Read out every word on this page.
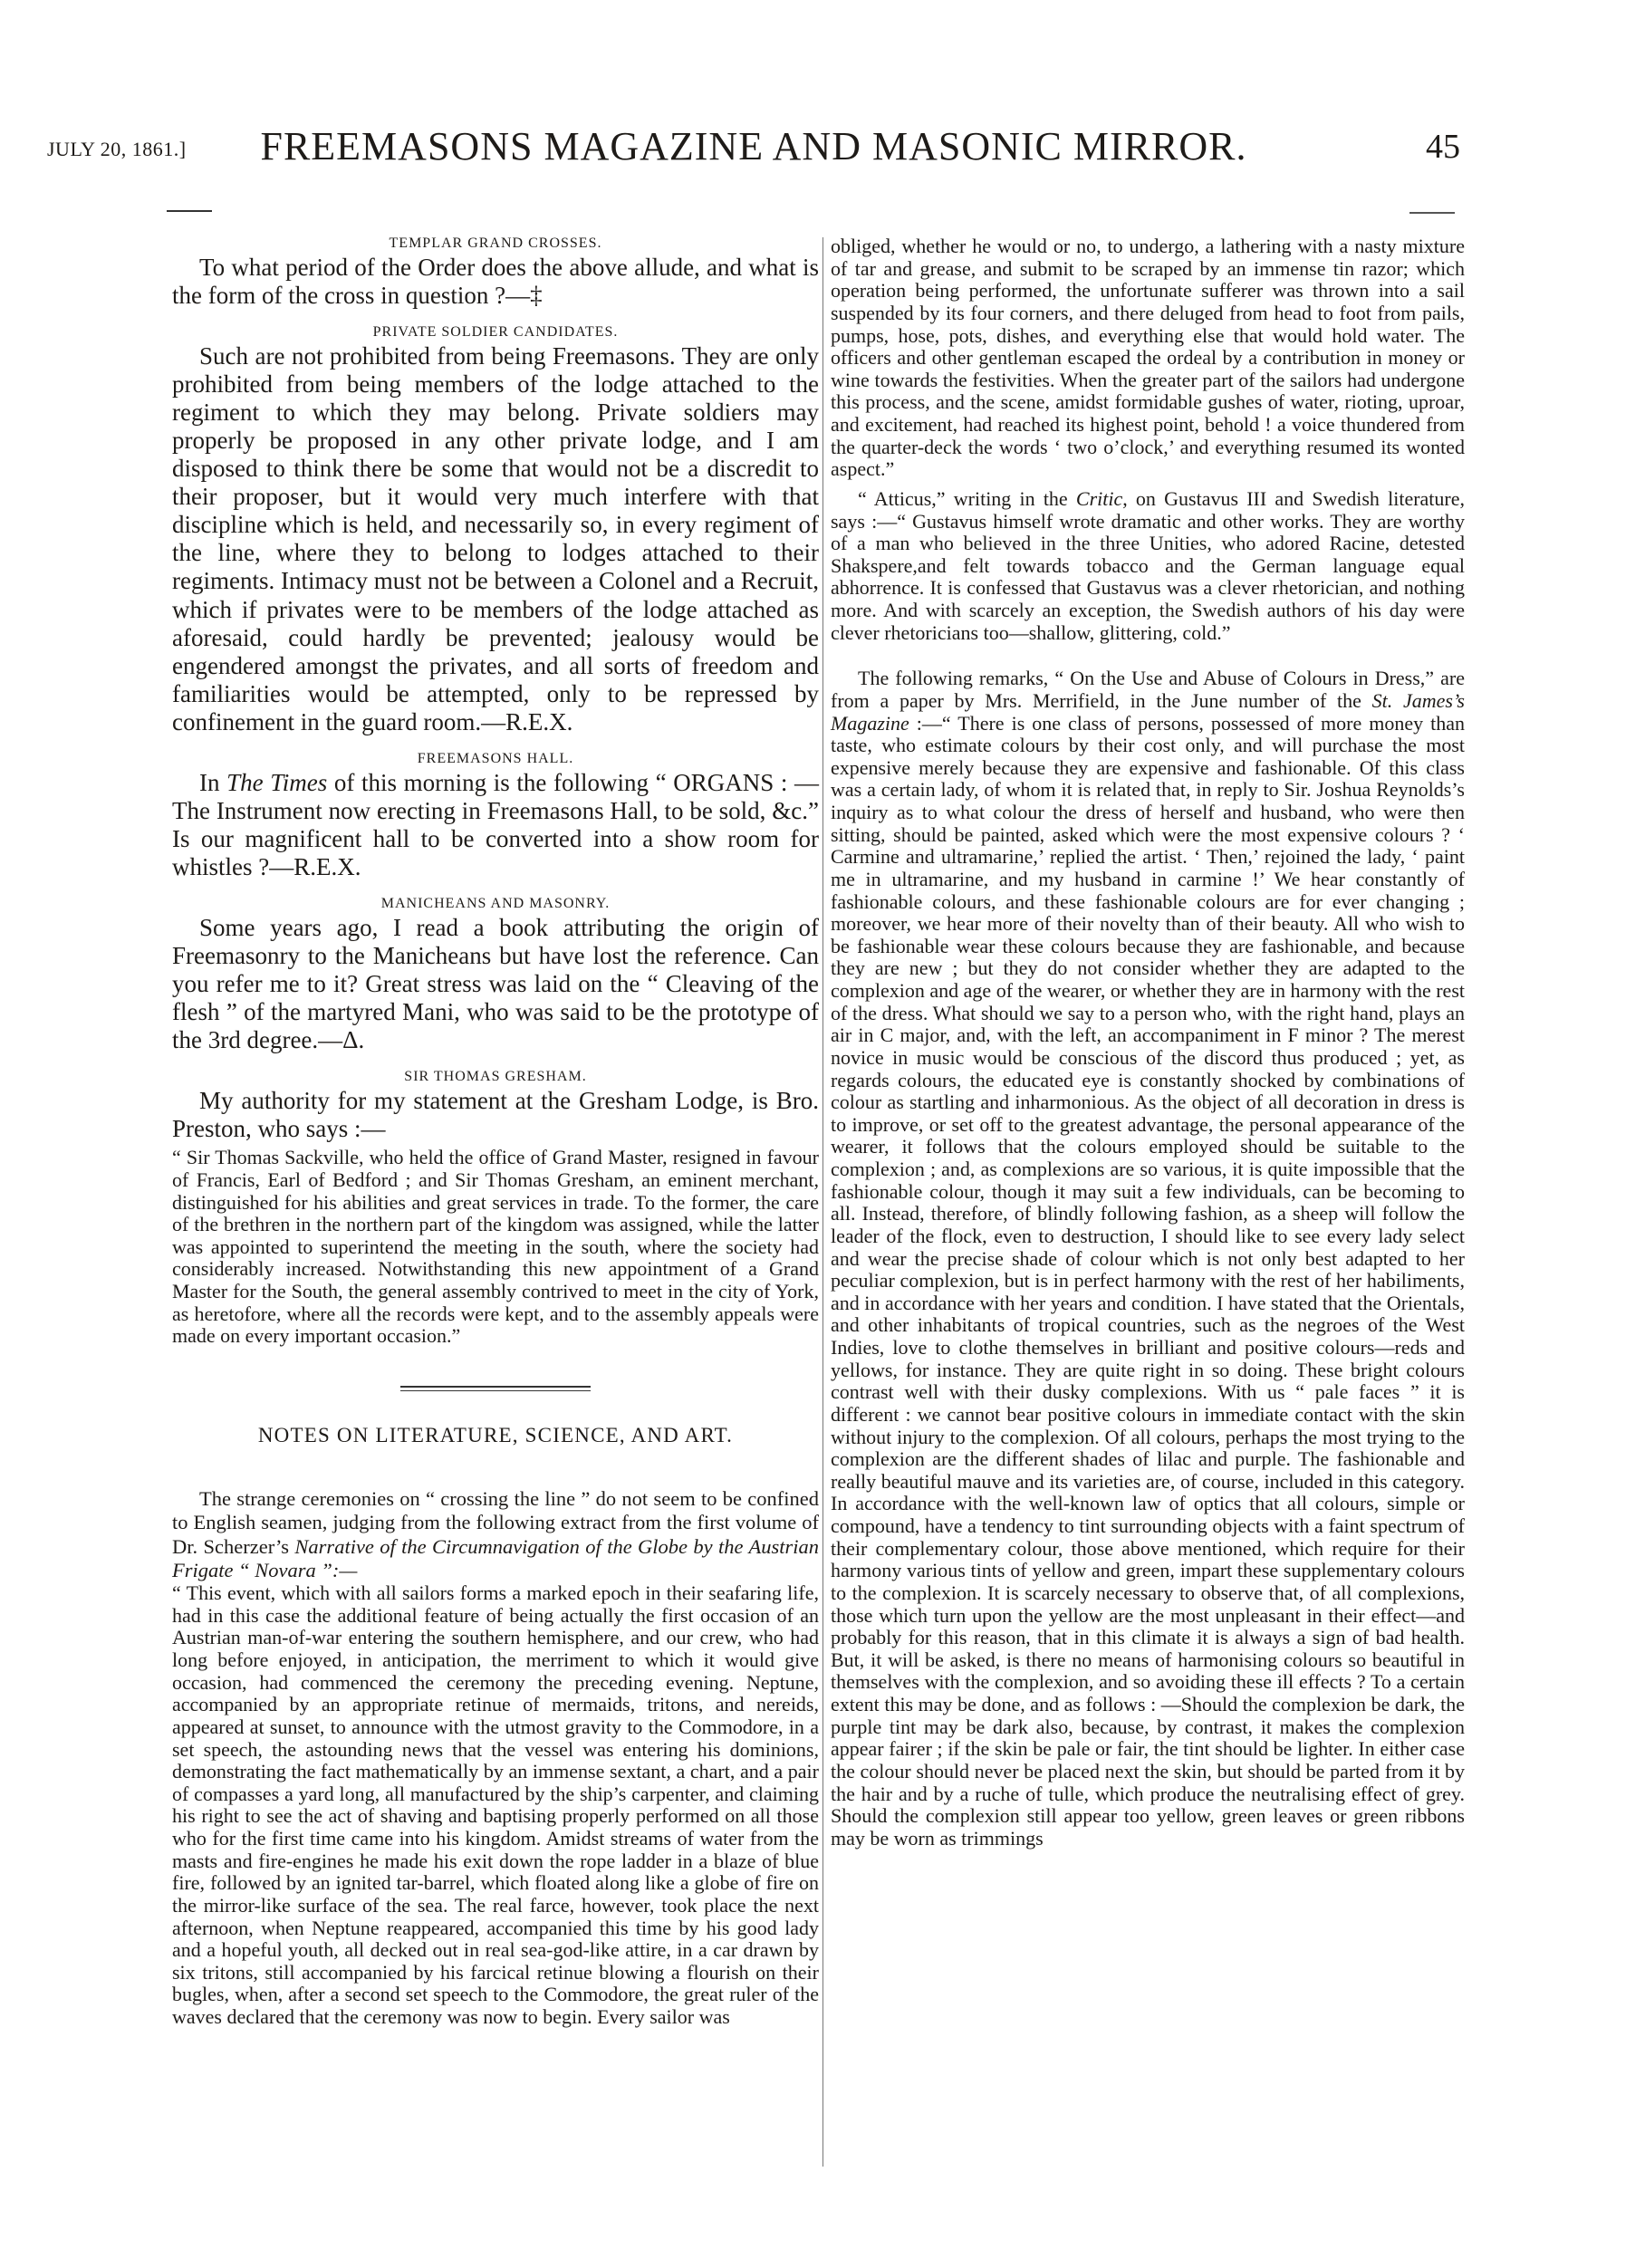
JULY 20, 1861.]	FREEMASONS MAGAZINE AND MASONIC MIRROR.	45
TEMPLAR GRAND CROSSES.

To what period of the Order does the above allude, and what is the form of the cross in question ?—‡

PRIVATE SOLDIER CANDIDATES.

Such are not prohibited from being Freemasons. They are only prohibited from being members of the lodge attached to the regiment to which they may belong. Private soldiers may properly be proposed in any other private lodge, and I am disposed to think there be some that would not be a discredit to their proposer, but it would very much interfere with that discipline which is held, and necessarily so, in every regiment of the line, where they to belong to lodges attached to their regiments. Intimacy must not be between a Colonel and a Recruit, which if privates were to be members of the lodge attached as aforesaid, could hardly be prevented; jealousy would be engendered amongst the privates, and all sorts of freedom and familiarities would be attempted, only to be repressed by confinement in the guard room.—R.E.X.

FREEMASONS HALL.

In The Times of this morning is the following “ ORGANS : —The Instrument now erecting in Freemasons Hall, to be sold, &c.” Is our magnificent hall to be converted into a show room for whistles ?—R.E.X.

MANICHEANS AND MASONRY.

Some years ago, I read a book attributing the origin of Freemasonry to the Manicheans but have lost the reference. Can you refer me to it? Great stress was laid on the “ Cleaving of the flesh ” of the martyred Mani, who was said to be the prototype of the 3rd degree.—Δ.

SIR THOMAS GRESHAM.

My authority for my statement at the Gresham Lodge, is Bro. Preston, who says :—

“ Sir Thomas Sackville, who held the office of Grand Master, resigned in favour of Francis, Earl of Bedford ; and Sir Thomas Gresham, an eminent merchant, distinguished for his abilities and great services in trade. To the former, the care of the brethren in the northern part of the kingdom was assigned, while the latter was appointed to superintend the meeting in the south, where the society had considerably increased. Notwithstanding this new appointment of a Grand Master for the South, the general assembly contrived to meet in the city of York, as heretofore, where all the records were kept, and to the assembly appeals were made on every important occasion.”

NOTES ON LITERATURE, SCIENCE, AND ART.

The strange ceremonies on “ crossing the line ” do not seem to be confined to English seamen, judging from the following extract from the first volume of Dr. Scherzer’s Narrative of the Circumnavigation of the Globe by the Austrian Frigate “ Novara ”:—

“ This event, which with all sailors forms a marked epoch in their seafaring life, had in this case the additional feature of being actually the first occasion of an Austrian man-of-war entering the southern hemisphere, and our crew, who had long before enjoyed, in anticipation, the merriment to which it would give occasion, had commenced the ceremony the preceding evening. Neptune, accompanied by an appropriate retinue of mermaids, tritons, and nereids, appeared at sunset, to announce with the utmost gravity to the Commodore, in a set speech, the astounding news that the vessel was entering his dominions, demonstrating the fact mathematically by an immense sextant, a chart, and a pair of compasses a yard long, all manufactured by the ship’s carpenter, and claiming his right to see the act of shaving and baptising properly performed on all those who for the first time came into his kingdom. Amidst streams of water from the masts and fire-engines he made his exit down the rope ladder in a blaze of blue fire, followed by an ignited tar-barrel, which floated along like a globe of fire on the mirror-like surface of the sea. The real farce, however, took place the next afternoon, when Neptune reappeared, accompanied this time by his good lady and a hopeful youth, all decked out in real sea-god-like attire, in a car drawn by six tritons, still accompanied by his farcical retinue blowing a flourish on their bugles, when, after a second set speech to the Commodore, the great ruler of the waves declared that the ceremony was now to begin. Every sailor was

obliged, whether he would or no, to undergo, a lathering with a nasty mixture of tar and grease, and submit to be scraped by an immense tin razor; which operation being performed, the unfortunate sufferer was thrown into a sail suspended by its four corners, and there deluged from head to foot from pails, pumps, hose, pots, dishes, and everything else that would hold water. The officers and other gentleman escaped the ordeal by a contribution in money or wine towards the festivities. When the greater part of the sailors had undergone this process, and the scene, amidst formidable gushes of water, rioting, uproar, and excitement, had reached its highest point, behold ! a voice thundered from the quarter-deck the words ‘ two o’clock,’ and everything resumed its wonted aspect.”

“ Atticus,” writing in the Critic, on Gustavus III and Swedish literature, says :—“ Gustavus himself wrote dramatic and other works. They are worthy of a man who believed in the three Unities, who adored Racine, detested Shakspere,and felt towards tobacco and the German language equal abhorrence. It is confessed that Gustavus was a clever rhetorician, and nothing more. And with scarcely an exception, the Swedish authors of his day were clever rhetoricians too—shallow, glittering, cold.”

The following remarks, “ On the Use and Abuse of Colours in Dress,” are from a paper by Mrs. Merrifield, in the June number of the St. James’s Magazine :—“ There is one class of persons, possessed of more money than taste, who estimate colours by their cost only, and will purchase the most expensive merely because they are expensive and fashionable. Of this class was a certain lady, of whom it is related that, in reply to Sir. Joshua Reynolds’s inquiry as to what colour the dress of herself and husband, who were then sitting, should be painted, asked which were the most expensive colours ? ‘ Carmine and ultramarine,’ replied the artist. ‘ Then,’ rejoined the lady, ‘ paint me in ultramarine, and my husband in carmine !’ We hear constantly of fashionable colours, and these fashionable colours are for ever changing ; moreover, we hear more of their novelty than of their beauty. All who wish to be fashionable wear these colours because they are fashionable, and because they are new ; but they do not consider whether they are adapted to the complexion and age of the wearer, or whether they are in harmony with the rest of the dress. What should we say to a person who, with the right hand, plays an air in C major, and, with the left, an accompaniment in F minor ? The merest novice in music would be conscious of the discord thus produced ; yet, as regards colours, the educated eye is constantly shocked by combinations of colour as startling and inharmonious. As the object of all decoration in dress is to improve, or set off to the greatest advantage, the personal appearance of the wearer, it follows that the colours employed should be suitable to the complexion ; and, as complexions are so various, it is quite impossible that the fashionable colour, though it may suit a few individuals, can be becoming to all. Instead, therefore, of blindly following fashion, as a sheep will follow the leader of the flock, even to destruction, I should like to see every lady select and wear the precise shade of colour which is not only best adapted to her peculiar complexion, but is in perfect harmony with the rest of her habiliments, and in accordance with her years and condition. I have stated that the Orientals, and other inhabitants of tropical countries, such as the negroes of the West Indies, love to clothe themselves in brilliant and positive colours—reds and yellows, for instance. They are quite right in so doing. These bright colours contrast well with their dusky complexions. With us “ pale faces ” it is different : we cannot bear positive colours in immediate contact with the skin without injury to the complexion. Of all colours, perhaps the most trying to the complexion are the different shades of lilac and purple. The fashionable and really beautiful mauve and its varieties are, of course, included in this category. In accordance with the well-known law of optics that all colours, simple or compound, have a tendency to tint surrounding objects with a faint spectrum of their complementary colour, those above mentioned, which require for their harmony various tints of yellow and green, impart these supplementary colours to the complexion. It is scarcely necessary to observe that, of all complexions, those which turn upon the yellow are the most unpleasant in their effect—and probably for this reason, that in this climate it is always a sign of bad health. But, it will be asked, is there no means of harmonising colours so beautiful in themselves with the complexion, and so avoiding these ill effects ? To a certain extent this may be done, and as follows : —Should the complexion be dark, the purple tint may be dark also, because, by contrast, it makes the complexion appear fairer ; if the skin be pale or fair, the tint should be lighter. In either case the colour should never be placed next the skin, but should be parted from it by the hair and by a ruche of tulle, which produce the neutralising effect of grey. Should the complexion still appear too yellow, green leaves or green ribbons may be worn as trimmings
